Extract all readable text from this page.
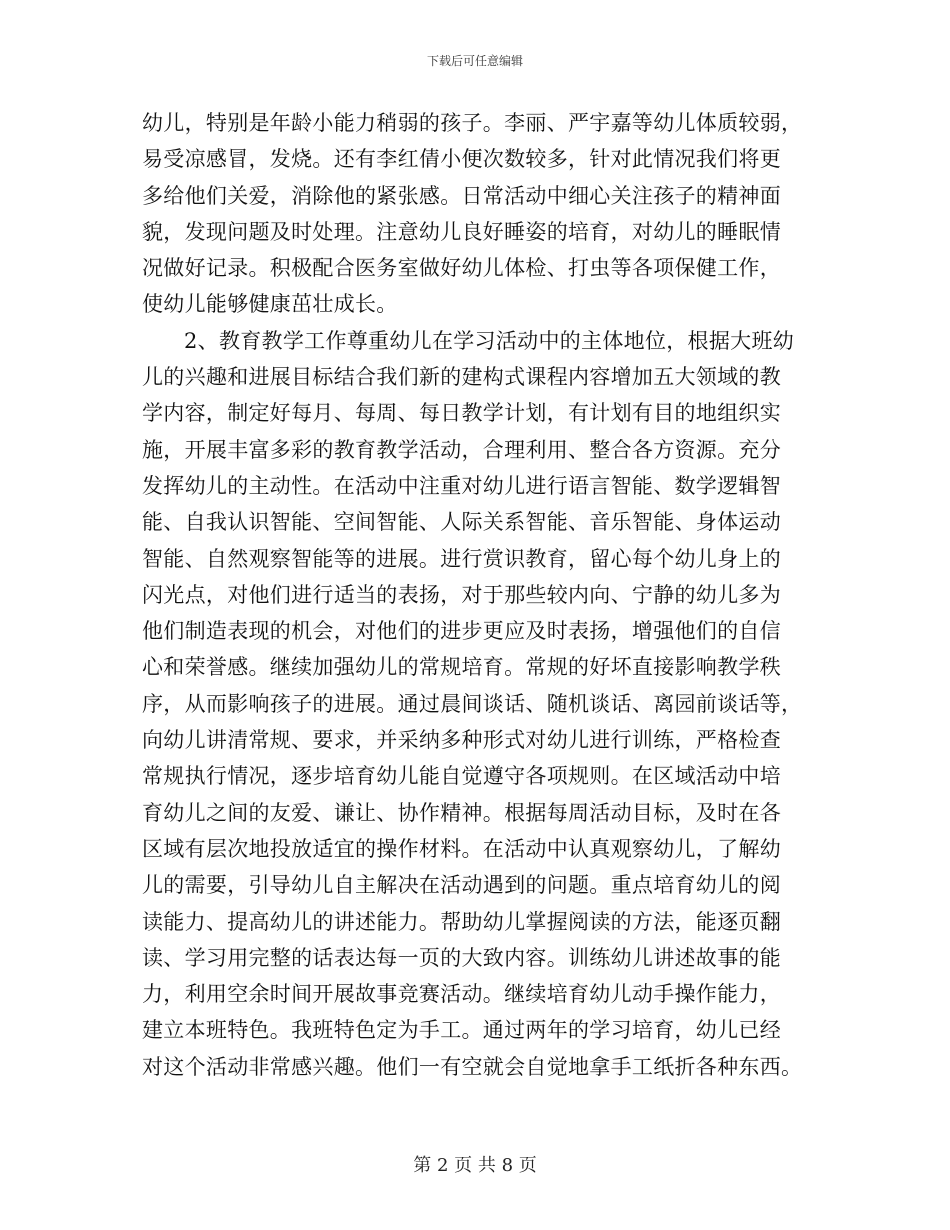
下载后可任意编辑
幼儿，特别是年龄小能力稍弱的孩子。李丽、严宇嘉等幼儿体质较弱，
易受凉感冒，发烧。还有李红倩小便次数较多，针对此情况我们将更
多给他们关爱，消除他的紧张感。日常活动中细心关注孩子的精神面
貌，发现问题及时处理。注意幼儿良好睡姿的培育，对幼儿的睡眠情
况做好记录。积极配合医务室做好幼儿体检、打虫等各项保健工作，
使幼儿能够健康茁壮成长。
2、教育教学工作尊重幼儿在学习活动中的主体地位，根据大班幼
儿的兴趣和进展目标结合我们新的建构式课程内容增加五大领域的教
学内容，制定好每月、每周、每日教学计划，有计划有目的地组织实
施，开展丰富多彩的教育教学活动，合理利用、整合各方资源。充分
发挥幼儿的主动性。在活动中注重对幼儿进行语言智能、数学逻辑智
能、自我认识智能、空间智能、人际关系智能、音乐智能、身体运动
智能、自然观察智能等的进展。进行赏识教育，留心每个幼儿身上的
闪光点，对他们进行适当的表扬，对于那些较内向、宁静的幼儿多为
他们制造表现的机会，对他们的进步更应及时表扬，增强他们的自信
心和荣誉感。继续加强幼儿的常规培育。常规的好坏直接影响教学秩
序，从而影响孩子的进展。通过晨间谈话、随机谈话、离园前谈话等，
向幼儿讲清常规、要求，并采纳多种形式对幼儿进行训练，严格检查
常规执行情况，逐步培育幼儿能自觉遵守各项规则。在区域活动中培
育幼儿之间的友爱、谦让、协作精神。根据每周活动目标，及时在各
区域有层次地投放适宜的操作材料。在活动中认真观察幼儿，了解幼
儿的需要，引导幼儿自主解决在活动遇到的问题。重点培育幼儿的阅
读能力、提高幼儿的讲述能力。帮助幼儿掌握阅读的方法，能逐页翻
读、学习用完整的话表达每一页的大致内容。训练幼儿讲述故事的能
力，利用空余时间开展故事竞赛活动。继续培育幼儿动手操作能力，
建立本班特色。我班特色定为手工。通过两年的学习培育，幼儿已经
对这个活动非常感兴趣。他们一有空就会自觉地拿手工纸折各种东西。
第 2 页 共 8 页
